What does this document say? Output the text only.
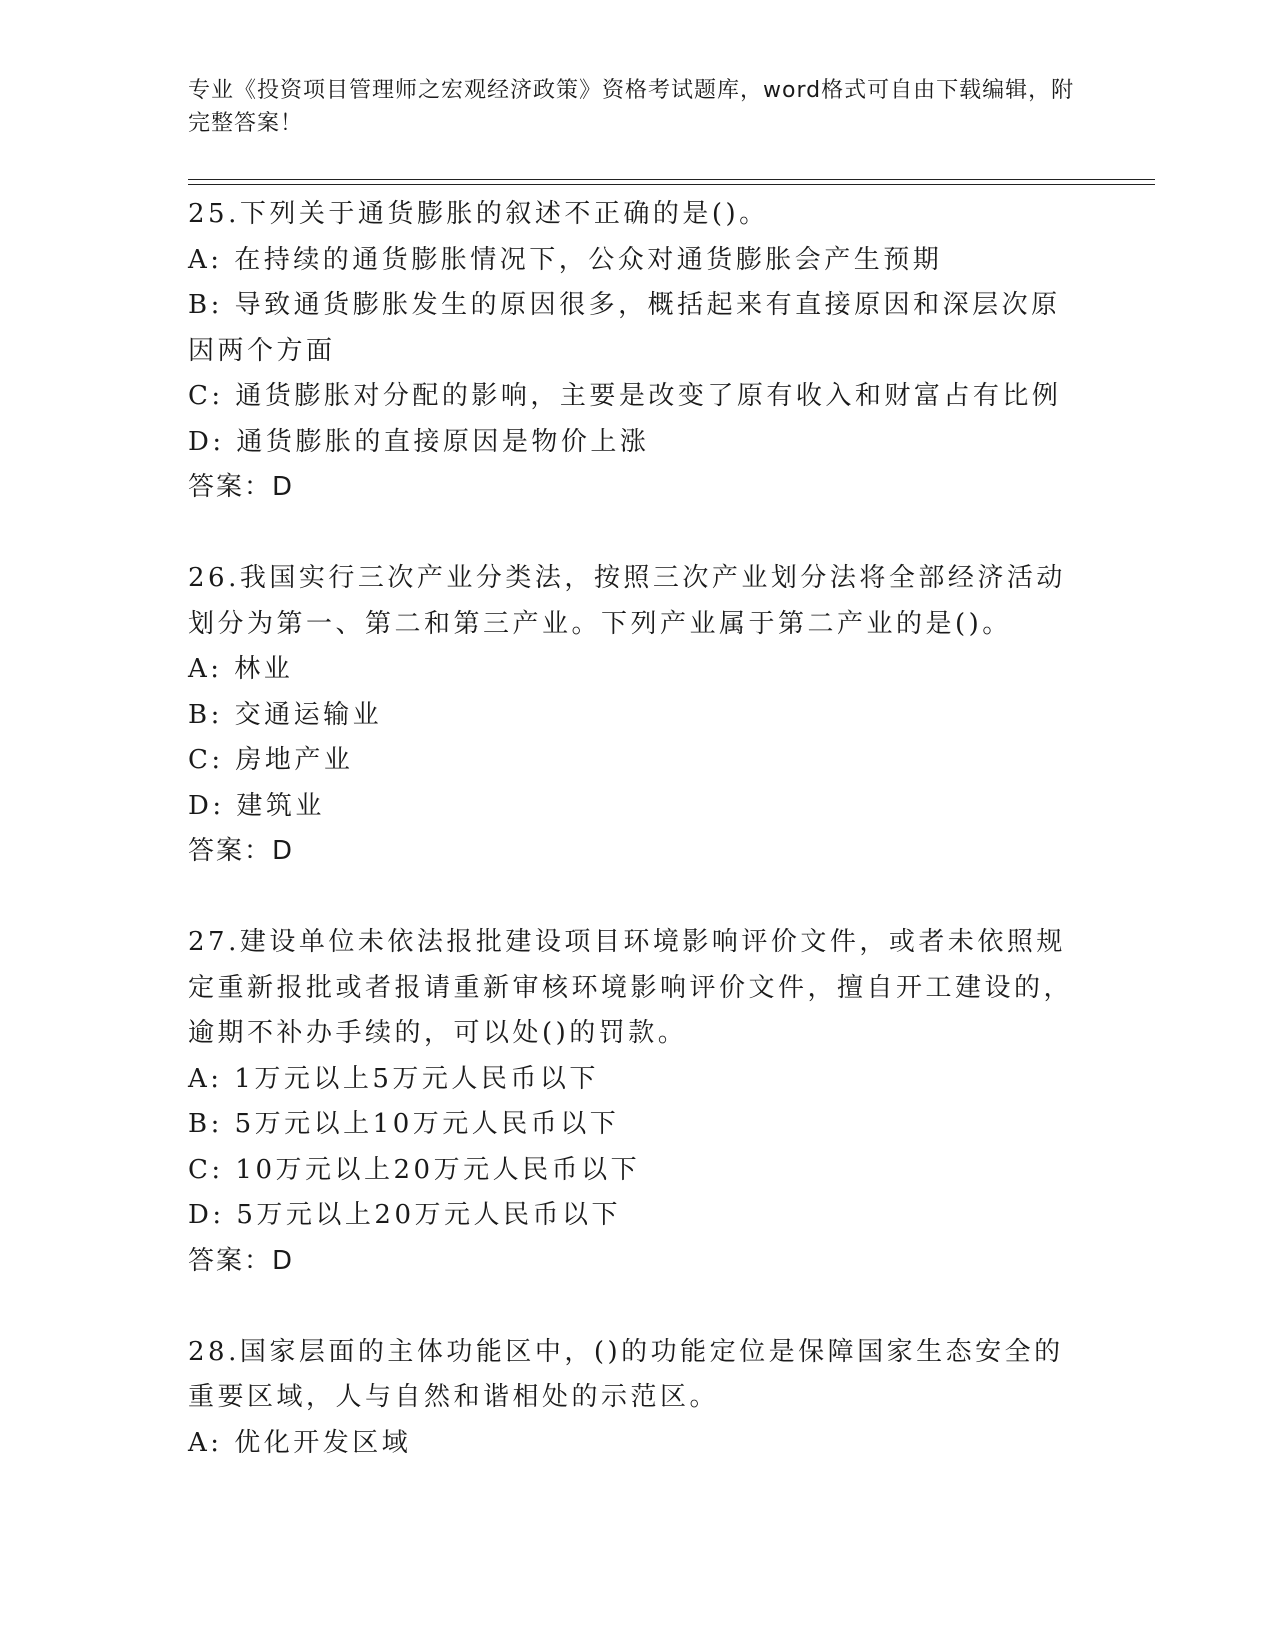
专业《投资项目管理师之宏观经济政策》资格考试题库，word格式可自由下载编辑，附完整答案！
25.下列关于通货膨胀的叙述不正确的是()。
A: 在持续的通货膨胀情况下，公众对通货膨胀会产生预期
B: 导致通货膨胀发生的原因很多，概括起来有直接原因和深层次原因两个方面
C: 通货膨胀对分配的影响，主要是改变了原有收入和财富占有比例
D: 通货膨胀的直接原因是物价上涨
答案：D
26.我国实行三次产业分类法，按照三次产业划分法将全部经济活动划分为第一、第二和第三产业。下列产业属于第二产业的是()。
A: 林业
B: 交通运输业
C: 房地产业
D: 建筑业
答案：D
27.建设单位未依法报批建设项目环境影响评价文件，或者未依照规定重新报批或者报请重新审核环境影响评价文件，擅自开工建设的，逾期不补办手续的，可以处()的罚款。
A: 1万元以上5万元人民币以下
B: 5万元以上10万元人民币以下
C: 10万元以上20万元人民币以下
D: 5万元以上20万元人民币以下
答案：D
28.国家层面的主体功能区中，()的功能定位是保障国家生态安全的重要区域，人与自然和谐相处的示范区。
A: 优化开发区域
